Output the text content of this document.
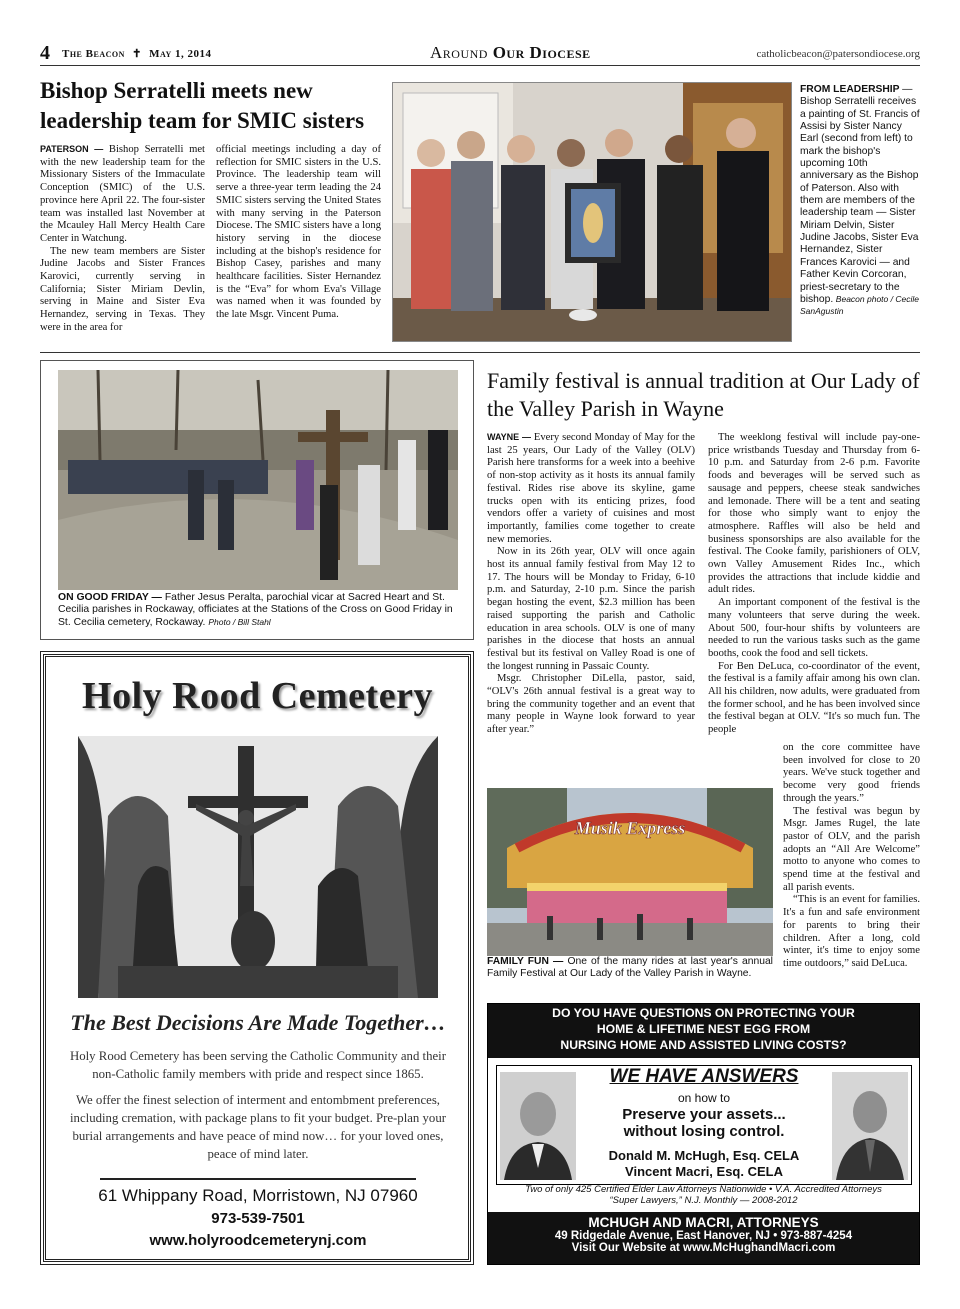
4 The Beacon ✝ May 1, 2014	Around Our Diocese	catholicbeacon@patersondiocese.org
Bishop Serratelli meets new leadership team for SMIC sisters

PATERSON — Bishop Serratelli met with the new leadership team for the Missionary Sisters of the Immaculate Conception (SMIC) of the U.S. province here April 22. The four-sister team was installed last November at the Mcauley Hall Mercy Health Care Center in Watchung.

The new team members are Sister Judine Jacobs and Sister Frances Karovici, currently serving in California; Sister Miriam Devlin, serving in Maine and Sister Eva Hernandez, serving in Texas. They were in the area for

official meetings including a day of reflection for SMIC sisters in the U.S. Province. The leadership team will serve a three-year term leading the 24 SMIC sisters serving the United States with many serving in the Paterson Diocese. The SMIC sisters have a long history serving in the diocese including at the bishop's residence for Bishop Casey, parishes and many healthcare facilities. Sister Hernandez is the “Eva” for whom Eva's Village was named when it was founded by the late Msgr. Vincent Puma.

FROM LEADERSHIP — Bishop Serratelli receives a painting of St. Francis of Assisi by Sister Nancy Earl (second from left) to mark the bishop's upcoming 10th anniversary as the Bishop of Paterson. Also with them are members of the leadership team — Sister Miriam Delvin, Sister Judine Jacobs, Sister Eva Hernandez, Sister Frances Karovici — and Father Kevin Corcoran, priest-secretary to the bishop. Beacon photo / Cecile SanAgustin
ON GOOD FRIDAY — Father Jesus Peralta, parochial vicar at Sacred Heart and St. Cecilia parishes in Rockaway, officiates at the Stations of the Cross on Good Friday in St. Cecilia cemetery, Rockaway. Photo / Bill Stahl
Family festival is annual tradition at Our Lady of the Valley Parish in Wayne

WAYNE — Every second Monday of May for the last 25 years, Our Lady of the Valley (OLV) Parish here transforms for a week into a beehive of non-stop activity as it hosts its annual family festival. Rides rise above its skyline, game trucks open with its enticing prizes, food vendors offer a variety of cuisines and most importantly, families come together to create new memories.

Now in its 26th year, OLV will once again host its annual family festival from May 12 to 17. The hours will be Monday to Friday, 6-10 p.m. and Saturday, 2-10 p.m. Since the parish began hosting the event, $2.3 million has been raised supporting the parish and Catholic education in area schools. OLV is one of many parishes in the diocese that hosts an annual festival but its festival on Valley Road is one of the longest running in Passaic County.

Msgr. Christopher DiLella, pastor, said, “OLV's 26th annual festival is a great way to bring the community together and an event that many people in Wayne look forward to year after year.”

The weeklong festival will include pay-one-price wristbands Tuesday and Thursday from 6-10 p.m. and Saturday from 2-6 p.m. Favorite foods and beverages will be served such as sausage and peppers, cheese steak sandwiches and lemonade. There will be a tent and seating for those who simply want to enjoy the atmosphere. Raffles will also be held and business sponsorships are also available for the festival. The Cooke family, parishioners of OLV, own Valley Amusement Rides Inc., which provides the attractions that include kiddie and adult rides.

An important component of the festival is the many volunteers that serve during the week. About 500, four-hour shifts by volunteers are needed to run the various tasks such as the game booths, cook the food and sell tickets.

For Ben DeLuca, co-coordinator of the event, the festival is a family affair among his own clan. All his children, now adults, were graduated from the former school, and he has been involved since the festival began at OLV. “It's so much fun. The people

on the core committee have been involved for close to 20 years. We've stuck together and become very good friends through the years.”

The festival was begun by Msgr. James Rugel, the late pastor of OLV, and the parish adopts an “All Are Welcome” motto to anyone who comes to spend time at the festival and all parish events.

“This is an event for families. It's a fun and safe environment for parents to bring their children. After a long, cold winter, it's time to enjoy some time outdoors,” said DeLuca.

Musik Express
FAMILY FUN — One of the many rides at last year's annual Family Festival at Our Lady of the Valley Parish in Wayne.
Holy Rood Cemetery
The Best Decisions Are Made Together…
Holy Rood Cemetery has been serving the Catholic Community and their non-Catholic family members with pride and respect since 1865.
We offer the finest selection of interment and entombment preferences, including cremation, with package plans to fit your budget. Pre-plan your burial arrangements and have peace of mind now… for your loved ones, peace of mind later.
61 Whippany Road, Morristown, NJ 07960
973-539-7501
www.holyroodcemeterynj.com
DO YOU HAVE QUESTIONS ON PROTECTING YOUR
HOME & LIFETIME NEST EGG FROM
NURSING HOME AND ASSISTED LIVING COSTS?
WE HAVE ANSWERS
on how to
Preserve your assets...
without losing control.
Donald M. McHugh, Esq. CELA
Vincent Macri, Esq. CELA
Two of only 425 Certified Elder Law Attorneys Nationwide • V.A. Accredited Attorneys
“Super Lawyers,” N.J. Monthly — 2008-2012
MCHUGH AND MACRI, ATTORNEYS
49 Ridgedale Avenue, East Hanover, NJ • 973-887-4254
Visit Our Website at www.McHughandMacri.com
